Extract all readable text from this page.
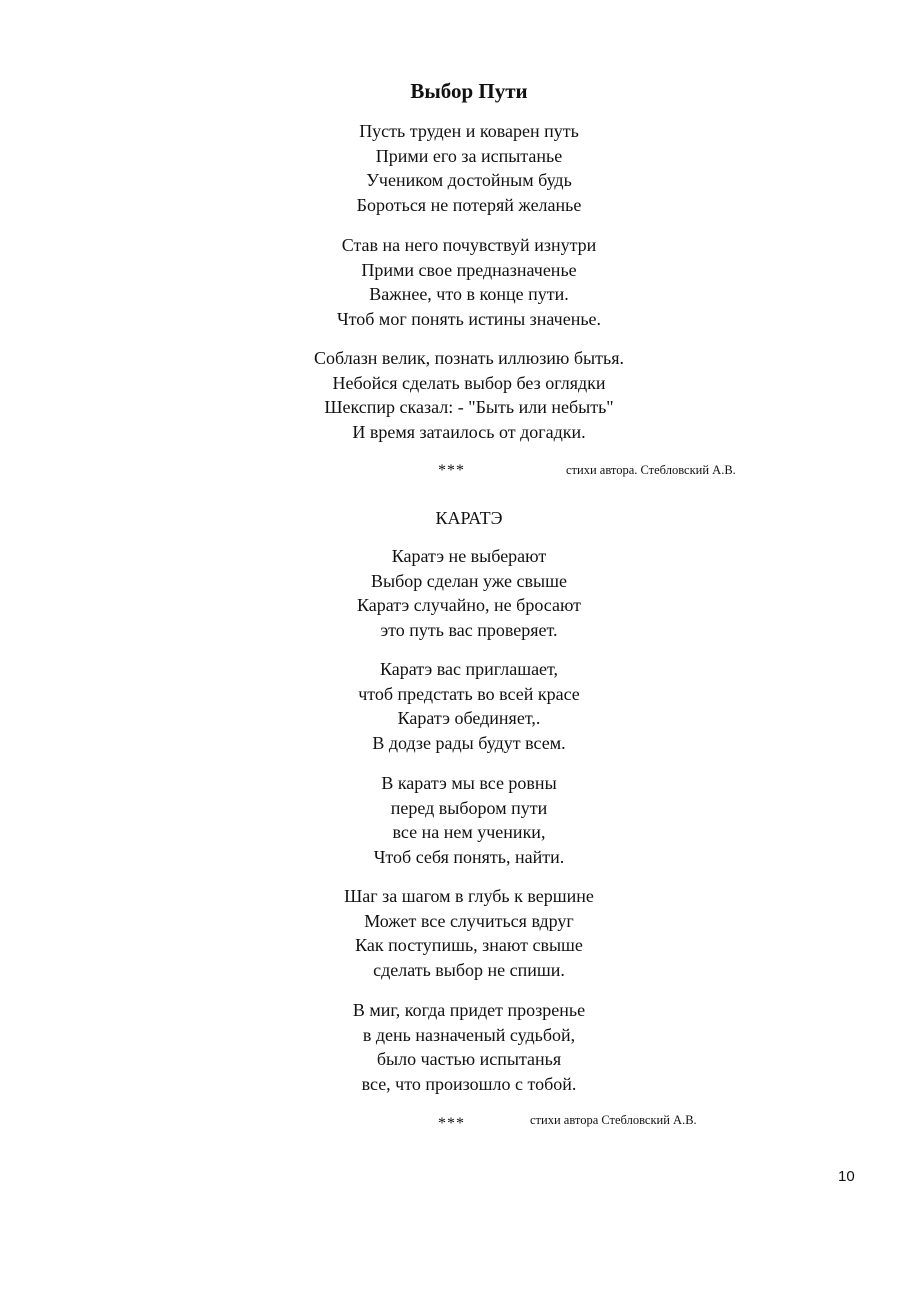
Выбор Пути
Пусть труден и коварен путь
Прими его за испытанье
Учеником достойным будь
Бороться не потеряй желанье
Став на него почувствуй изнутри
Прими свое предназначенье
Важнее, что в конце пути.
Чтоб мог понять истины значенье.
Соблазн велик, познать иллюзию бытья.
Небойся сделать выбор без оглядки
Шекспир сказал: - "Быть или небыть"
И время затаилось от догадки.
***	стихи автора. Стебловский А.В.
КАРАТЭ
Каратэ не выберают
Выбор сделан уже свыше
Каратэ случайно, не бросают
это путь вас проверяет.
Каратэ вас приглашает,
чтоб предстать во всей красе
Каратэ обединяет,.
В додзе рады будут всем.
В каратэ мы все ровны
перед выбором пути
все на нем ученики,
Чтоб себя понять, найти.
Шаг за шагом в глубь к вершине
Может все случиться вдруг
Как поступишь, знают свыше
сделать выбор не спиши.
В миг, когда придет прозренье
в день назначеный судьбой,
было частью испытанья
все, что произошло с тобой.
***	стихи автора Стебловский А.В.
10
